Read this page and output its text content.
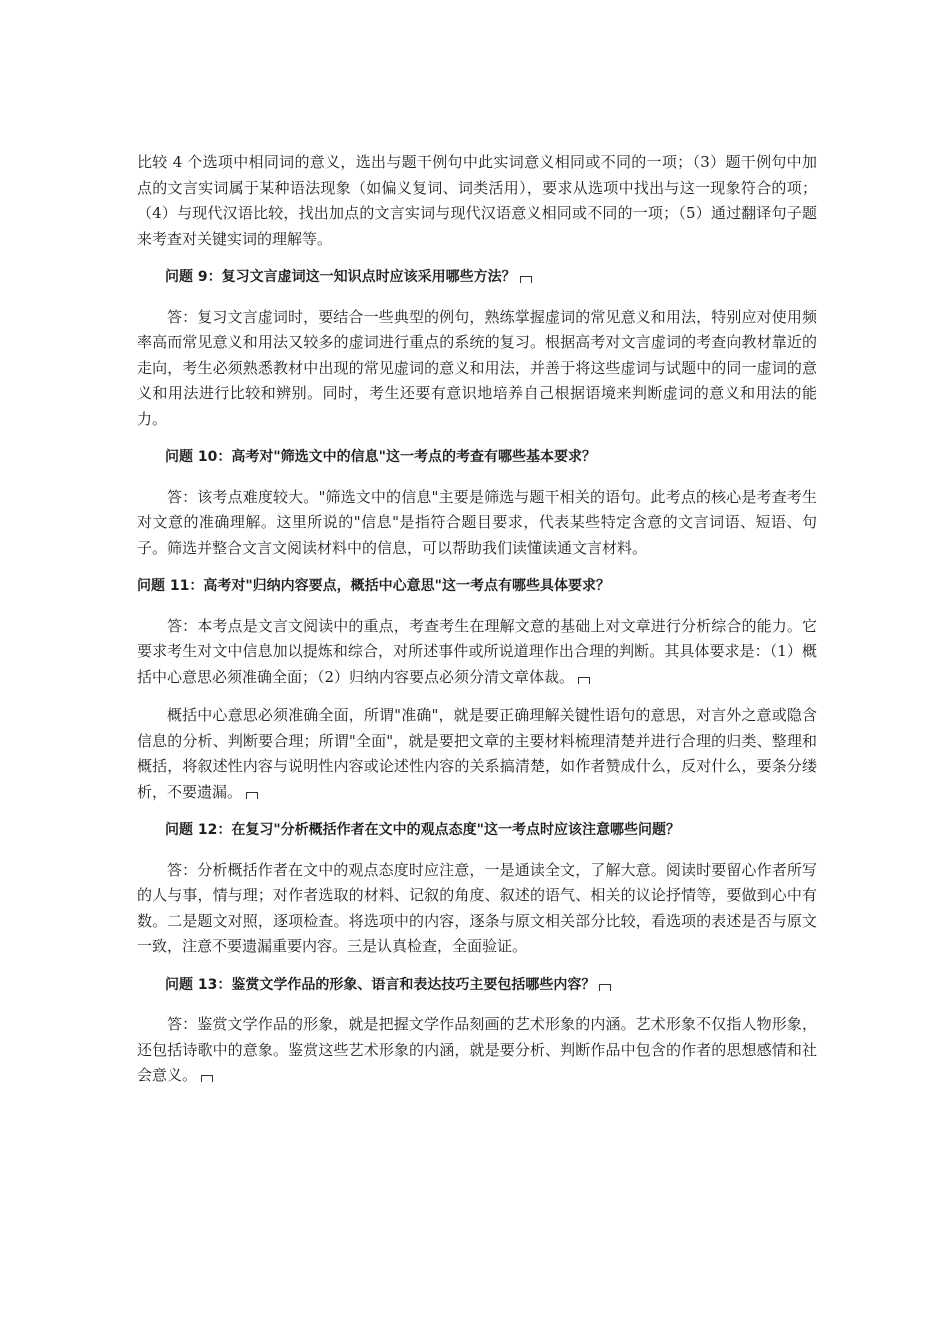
比较 4 个选项中相同词的意义，选出与题干例句中此实词意义相同或不同的一项；（3）题干例句中加点的文言实词属于某种语法现象（如偏义复词、词类活用），要求从选项中找出与这一现象符合的项；（4）与现代汉语比较，找出加点的文言实词与现代汉语意义相同或不同的一项；（5）通过翻译句子题来考查对关键实词的理解等。

问题 9：复习文言虚词这一知识点时应该采用哪些方法？

答：复习文言虚词时，要结合一些典型的例句，熟练掌握虚词的常见意义和用法，特别应对使用频率高而常见意义和用法又较多的虚词进行重点的系统的复习。根据高考对文言虚词的考查向教材靠近的走向，考生必须熟悉教材中出现的常见虚词的意义和用法，并善于将这些虚词与试题中的同一虚词的意义和用法进行比较和辨别。同时，考生还要有意识地培养自己根据语境来判断虚词的意义和用法的能力。

问题 10：高考对"筛选文中的信息"这一考点的考查有哪些基本要求？

答：该考点难度较大。"筛选文中的信息"主要是筛选与题干相关的语句。此考点的核心是考查考生对文意的准确理解。这里所说的"信息"是指符合题目要求，代表某些特定含意的文言词语、短语、句子。筛选并整合文言文阅读材料中的信息，可以帮助我们读懂读通文言材料。

问题 11：高考对"归纳内容要点，概括中心意思"这一考点有哪些具体要求？

答：本考点是文言文阅读中的重点，考查考生在理解文意的基础上对文章进行分析综合的能力。它要求考生对文中信息加以提炼和综合，对所述事件或所说道理作出合理的判断。其具体要求是：（1）概括中心意思必须准确全面；（2）归纳内容要点必须分清文章体裁。

概括中心意思必须准确全面，所谓"准确"，就是要正确理解关键性语句的意思，对言外之意或隐含信息的分析、判断要合理；所谓"全面"，就是要把文章的主要材料梳理清楚并进行合理的归类、整理和概括，将叙述性内容与说明性内容或论述性内容的关系搞清楚，如作者赞成什么，反对什么，要条分缕析，不要遗漏。

问题 12：在复习"分析概括作者在文中的观点态度"这一考点时应该注意哪些问题？

答：分析概括作者在文中的观点态度时应注意，一是通读全文，了解大意。阅读时要留心作者所写的人与事，情与理；对作者选取的材料、记叙的角度、叙述的语气、相关的议论抒情等，要做到心中有数。二是题文对照，逐项检查。将选项中的内容，逐条与原文相关部分比较，看选项的表述是否与原文一致，注意不要遗漏重要内容。三是认真检查，全面验证。

问题 13：鉴赏文学作品的形象、语言和表达技巧主要包括哪些内容？

答：鉴赏文学作品的形象，就是把握文学作品刻画的艺术形象的内涵。艺术形象不仅指人物形象，还包括诗歌中的意象。鉴赏这些艺术形象的内涵，就是要分析、判断作品中包含的作者的思想感情和社会意义。
